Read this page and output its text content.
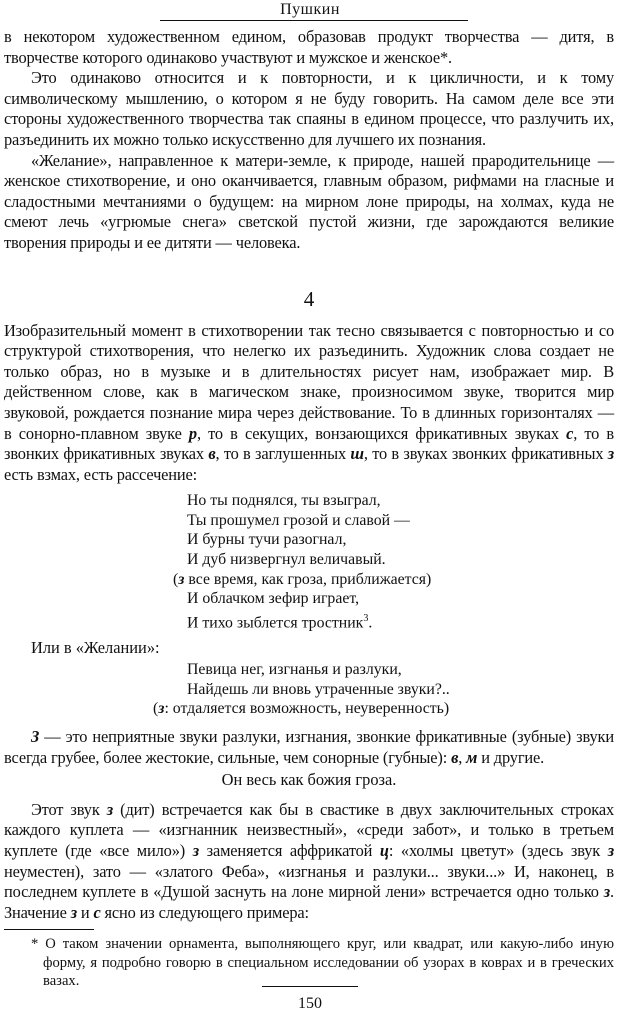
Пушкин

в некотором художественном едином, образовав продукт творчества — дитя, в творчестве которого одинаково участвуют и мужское и женское*.

Это одинаково относится и к повторности, и к цикличности, и к тому символическому мышлению, о котором я не буду говорить. На самом деле все эти стороны художественного творчества так спаяны в едином процессе, что разлучить их, разъединить их можно только искусственно для лучшего их познания.

«Желание», направленное к матери-земле, к природе, нашей прародительнице — женское стихотворение, и оно оканчивается, главным образом, рифмами на гласные и сладостными мечтаниями о будущем: на мирном лоне природы, на холмах, куда не смеют лечь «угрюмые снега» светской пустой жизни, где зарождаются великие творения природы и ее дитяти — человека.

4

Изобразительный момент в стихотворении так тесно связывается с повторностью и со структурой стихотворения, что нелегко их разъединить. Художник слова создает не только образ, но в музыке и в длительностях рисует нам, изображает мир. В действенном слове, как в магическом знаке, произносимом звуке, творится мир звуковой, рождается познание мира через действование. То в длинных горизонталях — в сонорно-плавном звуке р, то в секущих, вонзающихся фрикативных звуках с, то в звонких фрикативных звуках в, то в заглушенных ш, то в звуках звонких фрикативных з есть взмах, есть рассечение:

Но ты поднялся, ты взыграл,
Ты прошумел грозой и славой —
И бурны тучи разогнал,
И дуб низвергнул величавый.
(з все время, как гроза, приближается)
И облачком зефир играет,
И тихо зыблется тростник$^3$.
Или в «Желании»:
Певица нег, изгнанья и разлуки,
Найдешь ли вновь утраченные звуки?..
(з: отдаляется возможность, неуверенность)

З — это неприятные звуки разлуки, изгнания, звонкие фрикативные (зубные) звуки всегда грубее, более жестокие, сильные, чем сонорные (губные): в, м и другие.

Он весь как божия гроза.

Этот звук з (дит) встречается как бы в свастике в двух заключительных строках каждого куплета — «изгнанник неизвестный», «среди забот», и только в третьем куплете (где «все мило») з заменяется аффрикатой ц: «холмы цветут» (здесь звук з неуместен), зато — «златого Феба», «изгнанья и разлуки... звуки...» И, наконец, в последнем куплете в «Душой заснуть на лоне мирной лени» встречается одно только з. Значение з и с ясно из следующего примера:

* О таком значении орнамента, выполняющего круг, или квадрат, или какую-либо иную форму, я подробно говорю в специальном исследовании об узорах в коврах и в греческих вазах.

150
